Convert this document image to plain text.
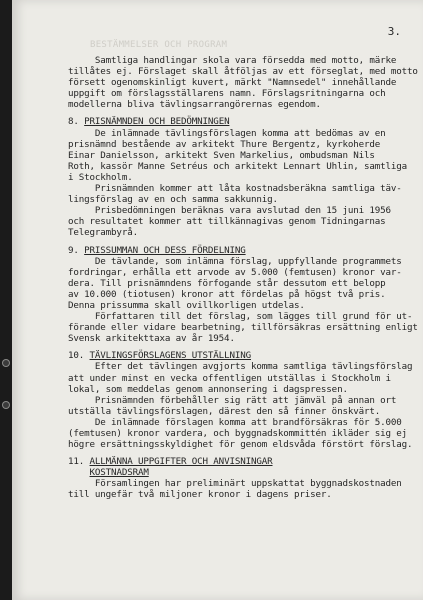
3.
BESTÄMMELSER OCH PROGRAM
Samtliga handlingar skola vara försedda med motto, märke
tillåtes ej. Förslaget skall åtföljas av ett förseglat, med motto
försett ogenomskinligt kuvert, märkt "Namnsedel" innehållande
uppgift om förslagsställarens namn. Förslagsritningarna och
modellerna bliva tävlingsarrangörernas egendom.
8. PRISNÄMNDEN OCH BEDÖMNINGEN
De inlämnade tävlingsförslagen komma att bedömas av en
prisnämnd bestående av arkitekt Thure Bergentz, kyrkoherde
Einar Danielsson, arkitekt Sven Markelius, ombudsman Nils
Roth, kassör Manne Setréus och arkitekt Lennart Uhlin, samtliga
i Stockholm.
Prisnämnden kommer att låta kostnadsberäkna samtliga täv-
lingsförslag av en och samma sakkunnig.
Prisbedömningen beräknas vara avslutad den 15 juni 1956
och resultatet kommer att tillkännagivas genom Tidningarnas
Telegrambyrå.
9. PRISSUMMAN OCH DESS FÖRDELNING
De tävlande, som inlämna förslag, uppfyllande programmets
fordringar, erhålla ett arvode av 5.000 (femtusen) kronor var-
dera. Till prisnämndens förfogande står dessutom ett belopp
av 10.000 (tiotusen) kronor att fördelas på högst två pris.
Denna prissumma skall ovillkorligen utdelas.
Författaren till det förslag, som lägges till grund för ut-
förande eller vidare bearbetning, tillförsäkras ersättning enligt
Svensk arkitekttaxa av år 1954.
10. TÄVLINGSFÖRSLAGENS UTSTÄLLNING
Efter det tävlingen avgjorts komma samtliga tävlingsförslag
att under minst en vecka offentligen utställas i Stockholm i
lokal, som meddelas genom annonsering i dagspressen.
Prisnämnden förbehåller sig rätt att jämväl på annan ort
utställa tävlingsförslagen, därest den så finner önskvärt.
De inlämnade förslagen komma att brandförsäkras för 5.000
(femtusen) kronor vardera, och byggnadskommittén ikläder sig ej
högre ersättningsskyldighet för genom eldsvåda förstört förslag.
11. ALLMÄNNA UPPGIFTER OCH ANVISNINGAR
KOSTNADSRAM
Församlingen har preliminärt uppskattat byggnadskostnaden
till ungefär två miljoner kronor i dagens priser.
